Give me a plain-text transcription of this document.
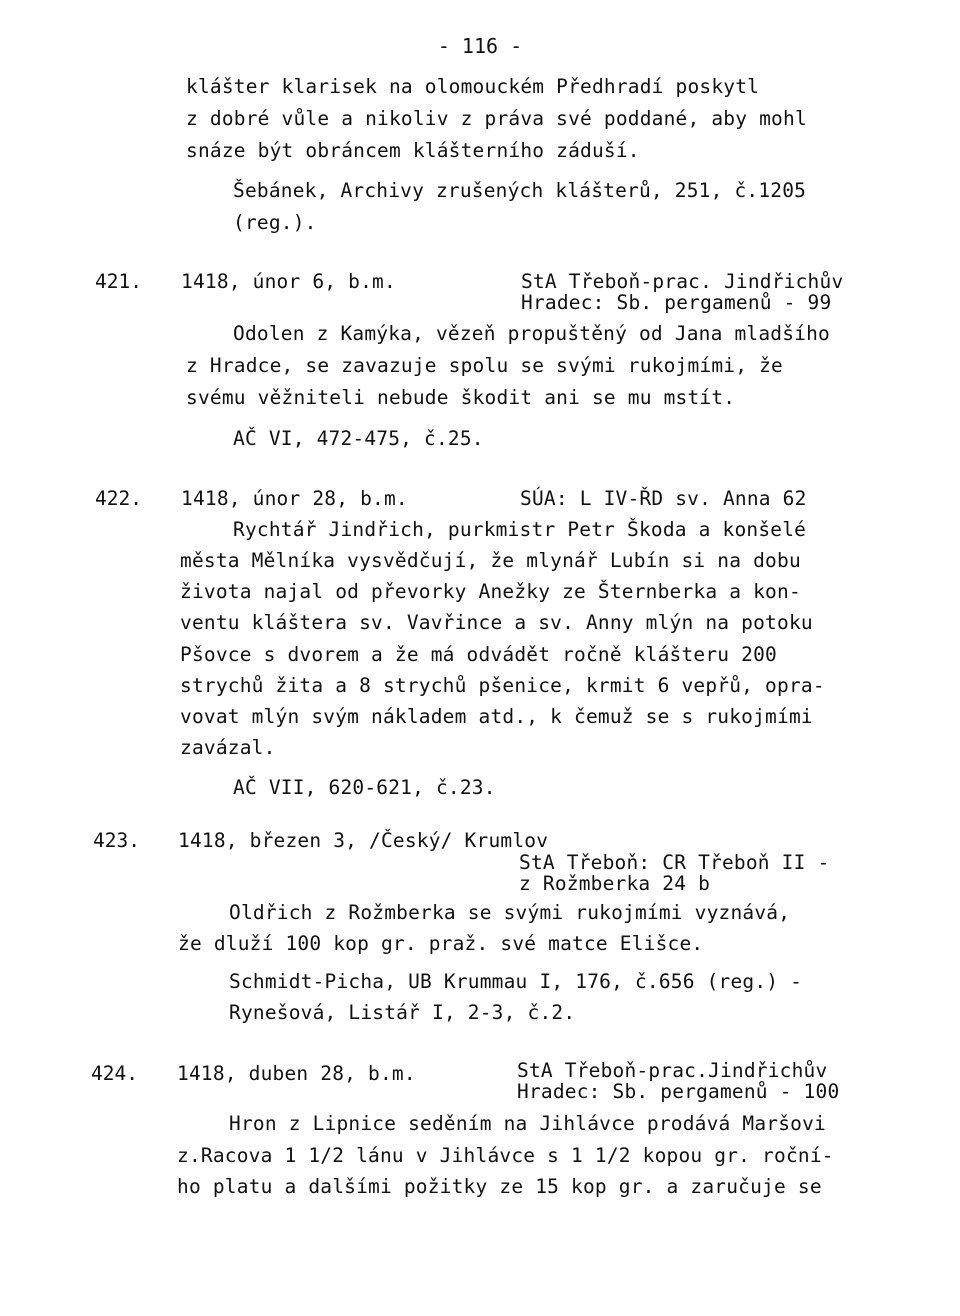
- 116 -
klášter klarisek na olomouckém Předhradí poskytl
z dobré vůle a nikoliv z práva své poddané, aby mohl
snáze být obráncem klášterního záduší.
Šebánek, Archivy zrušených klášterů, 251, č.1205
(reg.).
421. 1418, únor 6, b.m.	StA Třeboň-prac. Jindřichův
Hradec: Sb. pergamenů - 99
Odolen z Kamýka, vězeň propuštěný od Jana mladšího
z Hradce, se zavazuje spolu se svými rukojmími, že
svému věžniteli nebude škodit ani se mu mstít.
AČ VI, 472-475, č.25.
422. 1418, únor 28, b.m.	SÚA: L IV-ŘD sv. Anna 62
Rychtář Jindřich, purkmistr Petr Škoda a konšelé
města Mělníka vysvědčují, že mlynář Lubín si na dobu
života najal od převorky Anežky ze Šternberka a kon-
ventu kláštera sv. Vavřince a sv. Anny mlýn na potoku
Pšovce s dvorem a že má odvádět ročně klášteru 200
strychů žita a 8 strychů pšenice, krmit 6 vepřů, opra-
vovat mlýn svým nákladem atd., k čemuž se s rukojmími
zavázal.
AČ VII, 620-621, č.23.
423. 1418, březen 3, /Český/ Krumlov
StA Třeboň: CR Třeboň II -
z Rožmberka 24 b
Oldřich z Rožmberka se svými rukojmími vyznává,
že dluží 100 kop gr. praž. své matce Elišce.
Schmidt-Picha, UB Krummau I, 176, č.656 (reg.) -
Rynešová, Listář I, 2-3, č.2.
424. 1418, duben 28, b.m.	StA Třeboň-prac.Jindřichův
Hradec: Sb. pergamenů - 100
Hron z Lipnice seděním na Jihlávce prodává Maršovi
z.Racova 1 1/2 lánu v Jihlávce s 1 1/2 kopou gr. roční-
ho platu a dalšími požitky ze 15 kop gr. a zaručuje se
